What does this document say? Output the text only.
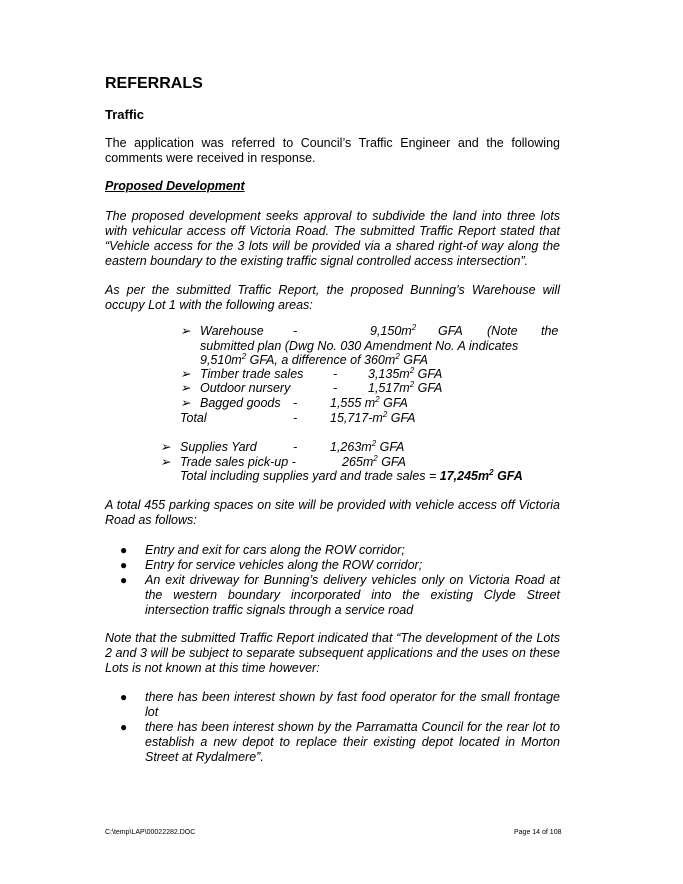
REFERRALS
Traffic

The application was referred to Council’s Traffic Engineer and the following comments were received in response.

Proposed Development

The proposed development seeks approval to subdivide the land into three lots with vehicular access off Victoria Road. The submitted Traffic Report stated that “Vehicle access for the 3 lots will be provided via a shared right-of way along the eastern boundary to the existing traffic signal controlled access intersection”.

As per the submitted Traffic Report, the proposed Bunning’s Warehouse will occupy Lot 1 with the following areas:

➢ Warehouse -	$9,150m^2$ GFA (Note the
submitted plan (Dwg No. 030 Amendment No. A indicates
$9,510m^2$ GFA, a difference of $360m^2$ GFA
➢ Timber trade sales - $3,135m^2$ GFA
➢ Outdoor nursery	- $1,517m^2$ GFA
➢ Bagged goods -	1,555 $m^2$ GFA
Total	-	$15,717-m^2$ GFA
➢ Supplies Yard	-	$1,263m^2$ GFA
➢ Trade sales pick-up -	$265m^2$ GFA
Total including supplies yard and trade sales = $17,245m^2$ GFA

A total 455 parking spaces on site will be provided with vehicle access off Victoria Road as follows:

● Entry and exit for cars along the ROW corridor;
● Entry for service vehicles along the ROW corridor;
● An exit driveway for Bunning’s delivery vehicles only on Victoria Road at the western boundary incorporated into the existing Clyde Street intersection traffic signals through a service road

Note that the submitted Traffic Report indicated that “The development of the Lots 2 and 3 will be subject to separate subsequent applications and the uses on these Lots is not known at this time however:

● there has been interest shown by fast food operator for the small frontage lot
● there has been interest shown by the Parramatta Council for the rear lot to establish a new depot to replace their existing depot located in Morton Street at Rydalmere”.
C:\temp\LAP\00022282.DOC	Page 14 of 108
